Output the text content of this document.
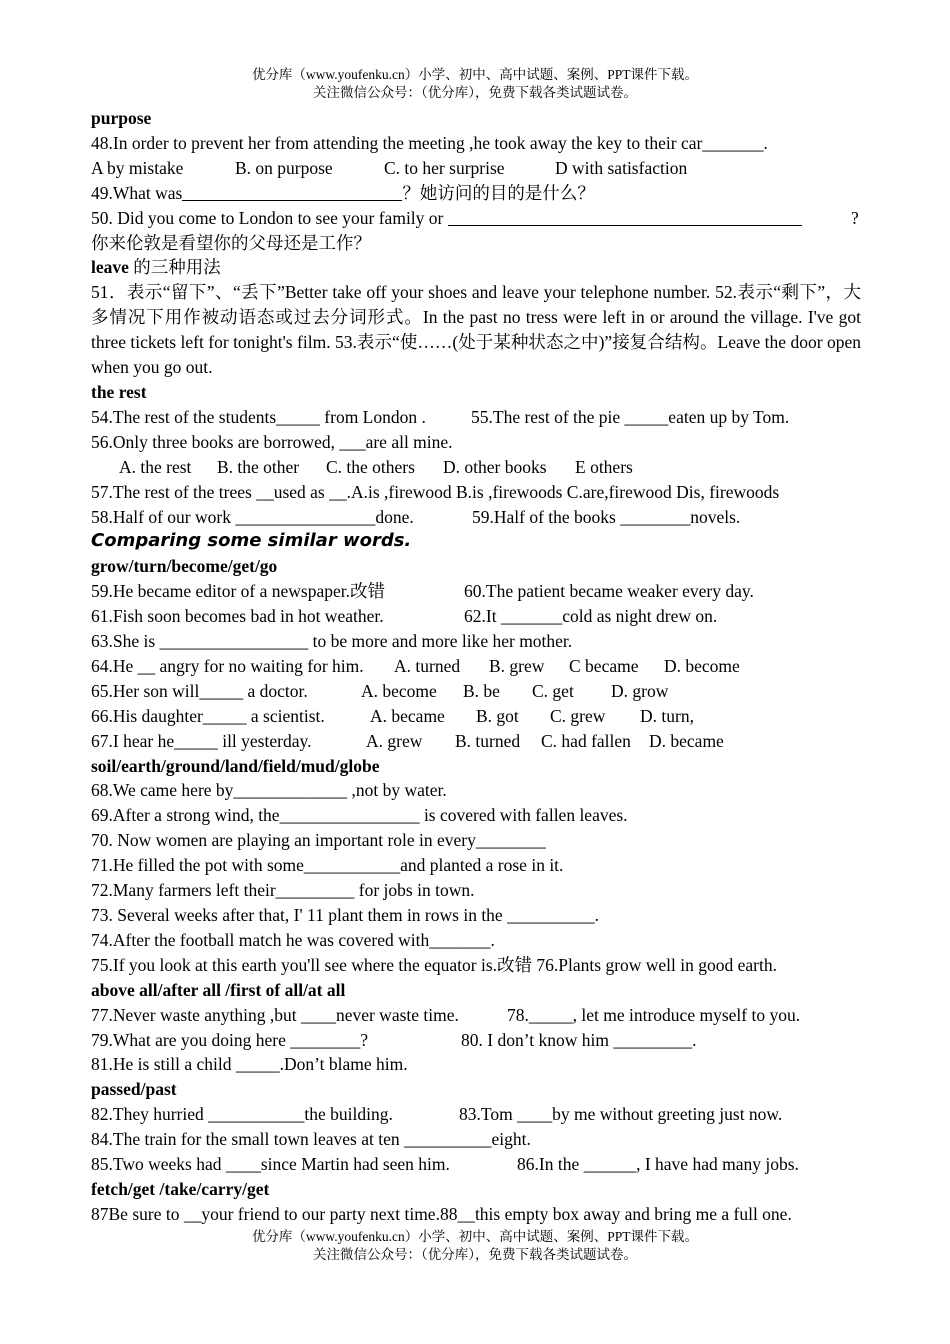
优分库（www.youfenku.cn）小学、初中、高中试题、案例、PPT课件下载。
关注微信公众号：（优分库），免费下载各类试题试卷。
purpose
48.In order to prevent her from attending the meeting ,he took away the key to their car_______.
A by mistake	B. on purpose	C. to her surprise	D with satisfaction

49.What was	？她访问的目的是什么？
50. Did you come to London to see your family or	?
你来伦敦是看望你的父母还是工作？
leave 的三种用法
51．表示“留下”、“丢下”Better take off your shoes and leave your telephone number. 52.表示“剩下”，大多情况下用作被动语态或过去分词形式。In the past no tress were left in or around the village. I've got three tickets left for tonight's film. 53.表示“使……(处于某种状态之中)”接复合结构。Leave the door open when you go out.
the rest
54.The rest of the students_____ from London .	55.The rest of the pie _____eaten up by Tom.

56.Only three books are borrowed, ___are all mine.
A. the rest B. the other C. the others D. other books E others

57.The rest of the trees __used as __.A.is ,firewood B.is ,firewoods C.are,firewood Dis, firewoods
58.Half of our work ________________done.	59.Half of the books ________novels.

Comparing some similar words.
grow/turn/become/get/go
59.He became editor of a newspaper.改错	60.The patient became weaker every day.

61.Fish soon becomes bad in hot weather.	62.It _______cold as night drew on.

63.She is _________________ to be more and more like her mother.
64.He __ angry for no waiting for him. A. turned B. grew C became D. become

65.Her son will_____ a doctor.	A. become B. be C. get D. grow

66.His daughter_____ a scientist.	A. became B. got C. grew D. turn,

67.I hear he_____ ill yesterday.	A. grew B. turned C. had fallen D. became

soil/earth/ground/land/field/mud/globe
68.We came here by_____________ ,not by water.
69.After a strong wind, the________________ is covered with fallen leaves.
70. Now women are playing an important role in every________
71.He filled the pot with some___________and planted a rose in it.
72.Many farmers left their_________ for jobs in town.
73. Several weeks after that, I' 11 plant them in rows in the __________.
74.After the football match he was covered with_______.
75.If you look at this earth you'll see where the equator is.改错 76.Plants grow well in good earth.
above all/after all /first of all/at all
77.Never waste anything ,but ____never waste time.	78._____, let me introduce myself to you.

79.What are you doing here ________?	80. I don’t know him _________.

81.He is still a child _____.Don’t blame him.
passed/past
82.They hurried ___________the building.	83.Tom ____by me without greeting just now.

84.The train for the small town leaves at ten __________eight.
85.Two weeks had ____since Martin had seen him.	86.In the ______, I have had many jobs.

fetch/get /take/carry/get
87Be sure to __your friend to our party next time.88__this empty box away and bring me a full one.
优分库（www.youfenku.cn）小学、初中、高中试题、案例、PPT课件下载。
关注微信公众号：（优分库），免费下载各类试题试卷。
